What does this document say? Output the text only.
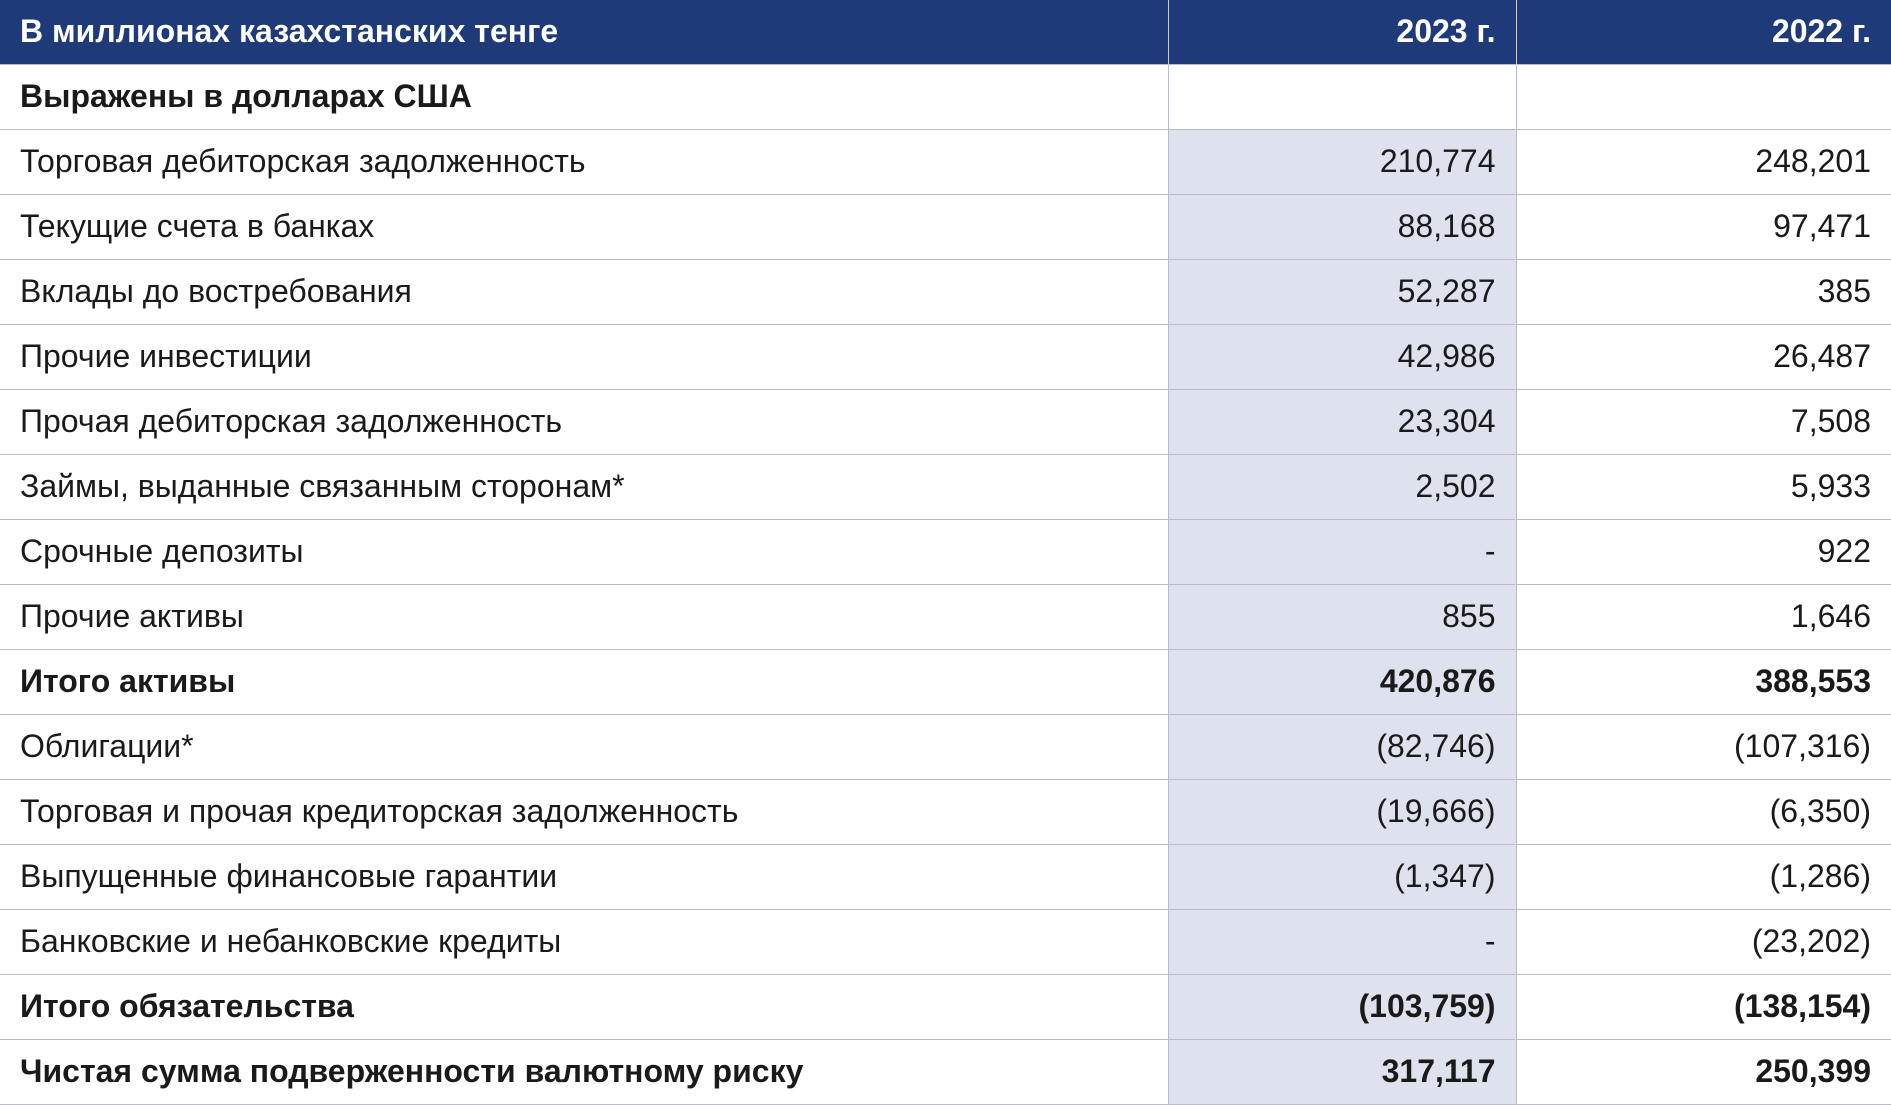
В миллионах казахстанских тенге	2023 г.	2022 г.
Выражены в долларах США		
Торговая дебиторская задолженность	210,774	248,201
Текущие счета в банках	88,168	97,471
Вклады до востребования	52,287	385
Прочие инвестиции	42,986	26,487
Прочая дебиторская задолженность	23,304	7,508
Займы, выданные связанным сторонам*	2,502	5,933
Срочные депозиты	-	922
Прочие активы	855	1,646
Итого активы	420,876	388,553
Облигации*	(82,746)	(107,316)
Торговая и прочая кредиторская задолженность	(19,666)	(6,350)
Выпущенные финансовые гарантии	(1,347)	(1,286)
Банковские и небанковские кредиты	-	(23,202)
Итого обязательства	(103,759)	(138,154)
Чистая сумма подверженности валютному риску	317,117	250,399
